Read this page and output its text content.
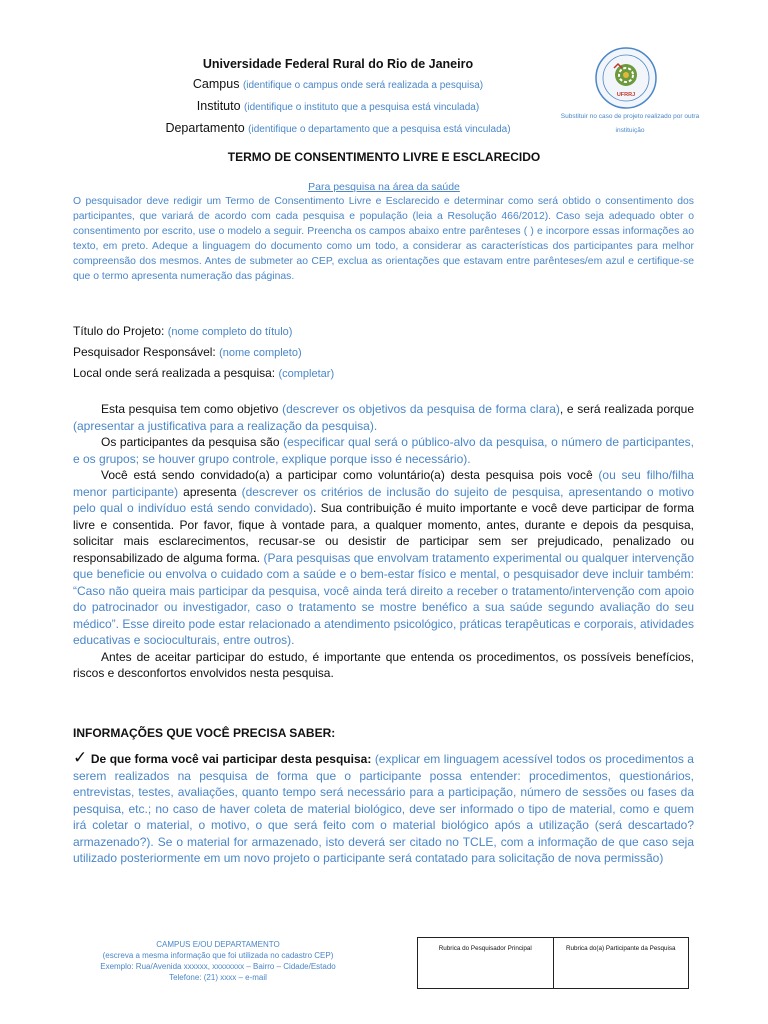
Universidade Federal Rural do Rio de Janeiro
Campus (identifique o campus onde será realizada a pesquisa)
Instituto (identifique o instituto que a pesquisa está vinculada)
Departamento (identifique o departamento que a pesquisa está vinculada)
UFRRJ
Substituir no caso de projeto realizado por outra instituição
TERMO DE CONSENTIMENTO LIVRE E ESCLARECIDO
Para pesquisa na área da saúde
O pesquisador deve redigir um Termo de Consentimento Livre e Esclarecido e determinar como será obtido o consentimento dos participantes, que variará de acordo com cada pesquisa e população (leia a Resolução 466/2012). Caso seja adequado obter o consentimento por escrito, use o modelo a seguir. Preencha os campos abaixo entre parênteses ( ) e incorpore essas informações ao texto, em preto. Adeque a linguagem do documento como um todo, a considerar as características dos participantes para melhor compreensão dos mesmos. Antes de submeter ao CEP, exclua as orientações que estavam entre parênteses/em azul e certifique-se que o termo apresenta numeração das páginas.
Título do Projeto: (nome completo do título)
Pesquisador Responsável: (nome completo)
Local onde será realizada a pesquisa: (completar)

Esta pesquisa tem como objetivo (descrever os objetivos da pesquisa de forma clara), e será realizada porque (apresentar a justificativa para a realização da pesquisa).

Os participantes da pesquisa são (especificar qual será o público-alvo da pesquisa, o número de participantes, e os grupos; se houver grupo controle, explique porque isso é necessário).

Você está sendo convidado(a) a participar como voluntário(a) desta pesquisa pois você (ou seu filho/filha menor participante) apresenta (descrever os critérios de inclusão do sujeito de pesquisa, apresentando o motivo pelo qual o indivíduo está sendo convidado). Sua contribuição é muito importante e você deve participar de forma livre e consentida. Por favor, fique à vontade para, a qualquer momento, antes, durante e depois da pesquisa, solicitar mais esclarecimentos, recusar-se ou desistir de participar sem ser prejudicado, penalizado ou responsabilizado de alguma forma. (Para pesquisas que envolvam tratamento experimental ou qualquer intervenção que beneficie ou envolva o cuidado com a saúde e o bem-estar físico e mental, o pesquisador deve incluir também: “Caso não queira mais participar da pesquisa, você ainda terá direito a receber o tratamento/intervenção com apoio do patrocinador ou investigador, caso o tratamento se mostre benéfico a sua saúde segundo avaliação do seu médico”. Esse direito pode estar relacionado a atendimento psicológico, práticas terapêuticas e corporais, atividades educativas e socioculturais, entre outros).

Antes de aceitar participar do estudo, é importante que entenda os procedimentos, os possíveis benefícios, riscos e desconfortos envolvidos nesta pesquisa.

INFORMAÇÕES QUE VOCÊ PRECISA SABER:
✓ De que forma você vai participar desta pesquisa: (explicar em linguagem acessível todos os procedimentos a serem realizados na pesquisa de forma que o participante possa entender: procedimentos, questionários, entrevistas, testes, avaliações, quanto tempo será necessário para a participação, número de sessões ou fases da pesquisa, etc.; no caso de haver coleta de material biológico, deve ser informado o tipo de material, como e quem irá coletar o material, o motivo, o que será feito com o material biológico após a utilização (será descartado? armazenado?). Se o material for armazenado, isto deverá ser citado no TCLE, com a informação de que caso seja utilizado posteriormente em um novo projeto o participante será contatado para solicitação de nova permissão)
CAMPUS E/OU DEPARTAMENTO
(escreva a mesma informação que foi utilizada no cadastro CEP)
Exemplo: Rua/Avenida xxxxxx, xxxxxxxx – Bairro – Cidade/Estado
Telefone: (21) xxxx – e-mail
Rubrica do Pesquisador Principal	Rubrica do(a) Participante da Pesquisa
